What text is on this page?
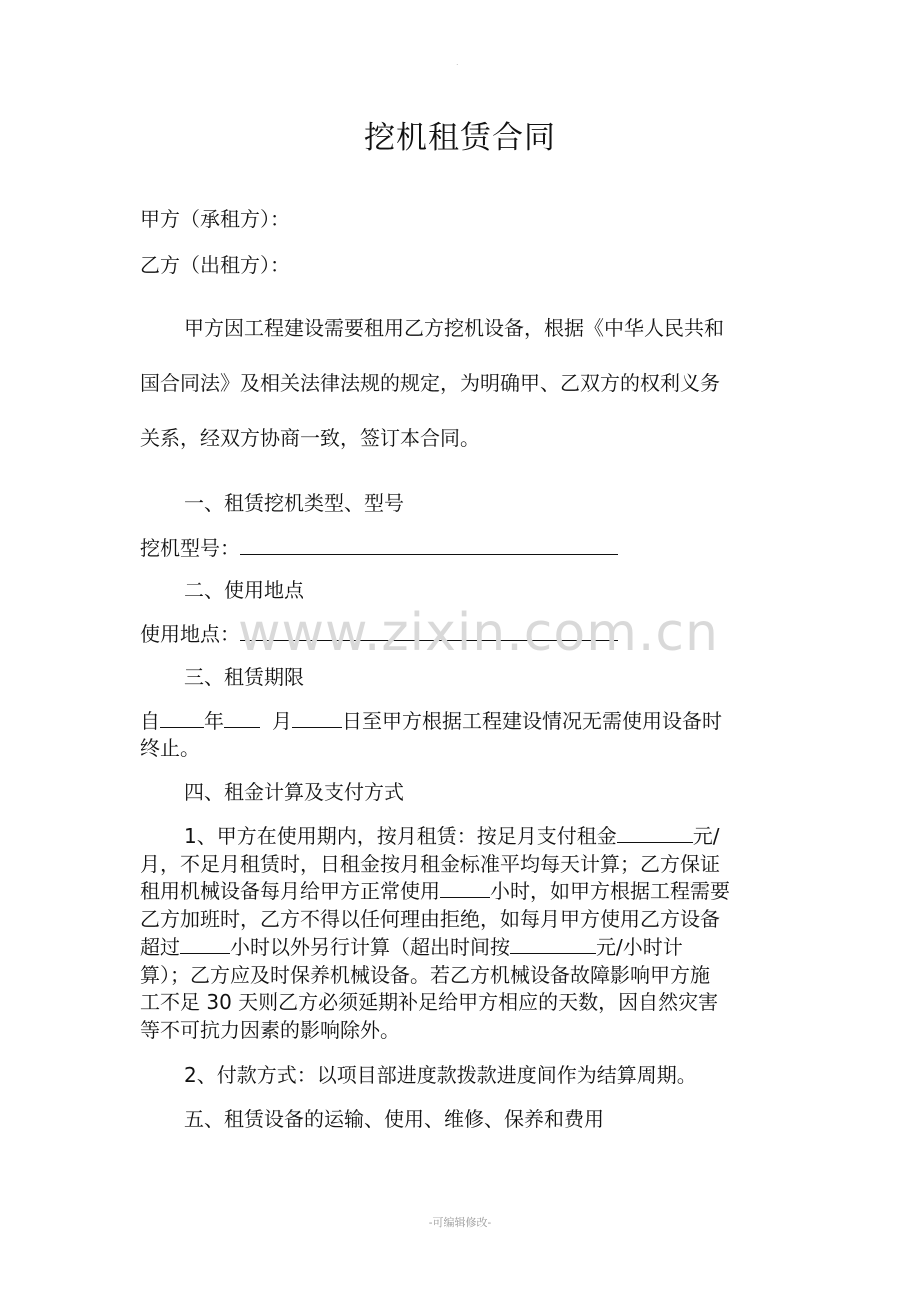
.
挖机租赁合同
甲方（承租方）：
乙方（出租方）：
甲方因工程建设需要租用乙方挖机设备，根据《中华人民共和
国合同法》及相关法律法规的规定，为明确甲、乙双方的权利义务
关系，经双方协商一致，签订本合同。
一、租赁挖机类型、型号
挖机型号：
二、使用地点
使用地点：
三、租赁期限
自 年 月	日至甲方根据工程建设情况无需使用设备时
终止。
四、租金计算及支付方式
1、甲方在使用期内，按月租赁：按足月支付租金	元/
月，不足月租赁时，日租金按月租金标准平均每天计算；乙方保证
租用机械设备每月给甲方正常使用	小时，如甲方根据工程需要
乙方加班时，乙方不得以任何理由拒绝，如每月甲方使用乙方设备
超过	小时以外另行计算（超出时间按	元/小时计
算）；乙方应及时保养机械设备。若乙方机械设备故障影响甲方施
工不足 30 天则乙方必须延期补足给甲方相应的天数，因自然灾害
等不可抗力因素的影响除外。
2、付款方式：以项目部进度款拨款进度间作为结算周期。
五、租赁设备的运输、使用、维修、保养和费用
www.zixin.com.cn
-可编辑修改-
